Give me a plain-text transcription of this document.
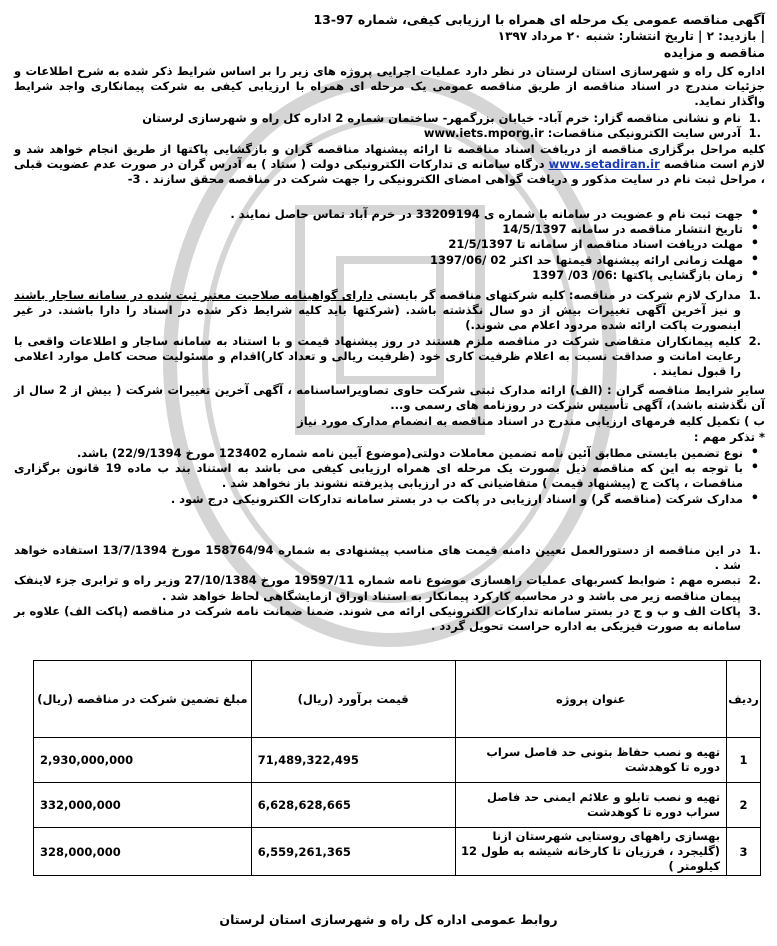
آگهی مناقصه عمومی یک مرحله ای همراه با ارزیابی کیفی، شماره 97-13
| بازدید: ۲ | تاریخ انتشار: شنبه ۲۰ مرداد ۱۳۹۷
مناقصه و مزایده
اداره کل راه و شهرسازی استان لرستان در نظر دارد عملیات اجرایی پروژه های زیر را بر اساس شرایط ذکر شده به شرح اطلاعات و جزئیات مندرج در اسناد مناقصه از طریق مناقصه عمومی یک مرحله ای همراه با ارزیابی کیفی به شرکت پیمانکاری واجد شرایط واگذار نماید.
1.
نام و نشانی مناقصه گزار: خرم آباد- خیابان بزرگمهر- ساختمان شماره 2 اداره کل راه و شهرسازی لرستان
1.
آدرس سایت الکترونیکی مناقصات: www.iets.mporg.ir
کلیه مراحل برگزاری مناقصه از دریافت اسناد مناقصه تا ارائه پیشنهاد مناقصه گران و بازگشایی پاکتها از طریق انجام خواهد شد و لازم است مناقصه www.setadiran.ir درگاه سامانه ی تدارکات الکترونیکی دولت ( ستاد ) به آدرس گران در صورت عدم عضویت قبلی ، مراحل ثبت نام در سایت مذکور و دریافت گواهی امضای الکترونیکی را جهت شرکت در مناقصه محقق سازند . 3-
• جهت ثبت نام و عضویت در سامانه با شماره ی 33209194 در خرم آباد تماس حاصل نمایند .
• تاریخ انتشار مناقصه در سامانه 14/5/1397
• مهلت دریافت اسناد مناقصه از سامانه تا 21/5/1397
• مهلت زمانی ارائه پیشنهاد قیمتها حد اکثر 02 /1397/06
• زمان بازگشایی پاکتها :06/ 03/ 1397
1.
مدارک لازم شرکت در مناقصه: کلیه شرکتهای مناقصه گر بایستی دارای گواهینامه صلاحیت معتبر ثبت شده در سامانه ساجار باشند و نیز آخرین آگهی تغییرات بیش از دو سال نگذشته باشد. (شرکتها باید کلیه شرایط ذکر شده در اسناد را دارا باشند. در غیر اینصورت پاکت ارائه شده مردود اعلام می شوند.)
2.
کلیه پیمانکاران متقاضی شرکت در مناقصه ملزم هستند در روز پیشنهاد قیمت و با استناد به سامانه ساجار و اطلاعات واقعی با رعایت امانت و صداقت نسبت به اعلام ظرفیت کاری خود (ظرفیت ریالی و تعداد کار)اقدام و مسئولیت صحت کامل موارد اعلامی را قبول نمایند .
سایر شرایط مناقصه گران : (الف) ارائه مدارک ثبتی شرکت حاوی تصاویراساسنامه ، آگهی آخرین تغییرات شرکت ( بیش از 2 سال از آن نگذشته باشد)، آگهی تأسیس شرکت در روزنامه های رسمی و...
ب ) تکمیل کلیه فرمهای ارزیابی مندرج در اسناد مناقصه به انضمام مدارک مورد نیاز
* تذکر مهم :
• نوع تضمین بایستی مطابق آئین نامه تضمین معاملات دولتی(موضوع آیین نامه شماره 123402 مورخ 22/9/1394) باشد.
• با توجه به این که مناقصه ذیل بصورت یک مرحله ای همراه ارزیابی کیفی می باشد به استناد بند ب ماده 19 قانون برگزاری مناقصات ، پاکت ج (پیشنهاد قیمت ) متقاضیانی که در ارزیابی پذیرفته نشوند باز نخواهد شد .
• مدارک شرکت (مناقصه گر) و اسناد ارزیابی در پاکت ب در بستر سامانه تدارکات الکترونیکی درج شود .
1.
در این مناقصه از دستورالعمل تعیین دامنه قیمت های مناسب پیشنهادی به شماره 158764/94 مورخ 13/7/1394 استفاده خواهد شد .
2.
تبصره مهم : ضوابط کسربهای عملیات راهسازی موضوع نامه شماره 19597/11 مورخ 27/10/1384 وزیر راه و ترابری جزء لاینفک پیمان مناقصه زیر می باشد و در محاسبه کارکرد پیمانکار به استناد اوراق ازمایشگاهی لحاظ خواهد شد .
3.
پاکات الف و ب و ج در بستر سامانه تدارکات الکترونیکی ارائه می شوند. ضمنا ضمانت نامه شرکت در مناقصه (پاکت الف) علاوه بر سامانه به صورت فیزیکی به اداره حراست تحویل گردد .
ردیف	عنوان پروژه	قیمت برآورد (ریال)	مبلغ تضمین شرکت در مناقصه (ریال)
1	تهیه و نصب حفاظ بتونی حد فاصل سراب دوره تا کوهدشت	71,489,322,495	2,930,000,000
2	تهیه و نصب تابلو و علائم ایمنی حد فاصل سراب دوره تا کوهدشت	6,628,628,665	332,000,000
3	بهسازی راههای روستایی شهرستان ازنا (گلیجرد ، فرزیان تا کارخانه شیشه به طول 12 کیلومتر )	6,559,261,365	328,000,000
روابط عمومی اداره کل راه و شهرسازی استان لرستان
